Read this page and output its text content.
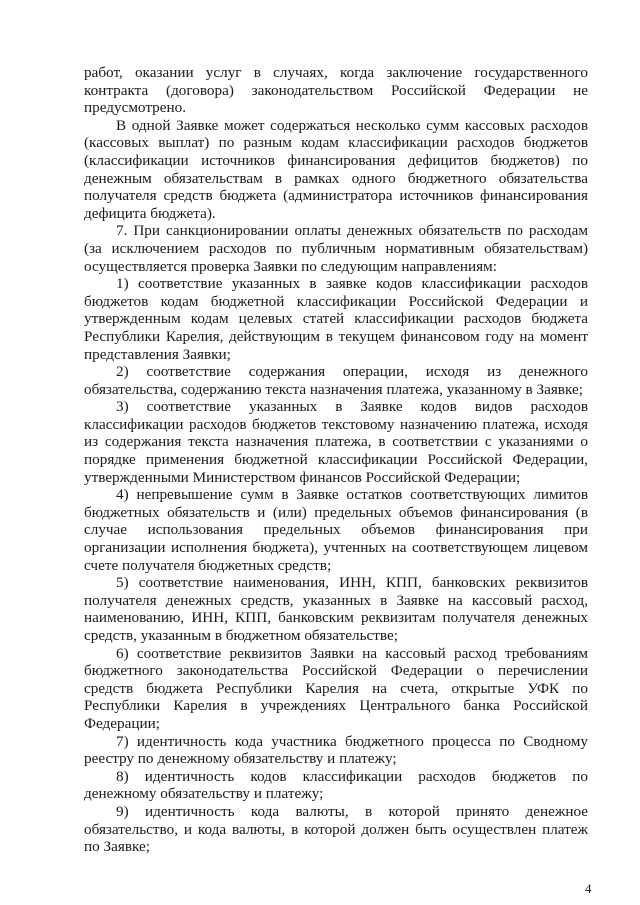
работ, оказании услуг в случаях, когда заключение государственного контракта (договора) законодательством Российской Федерации не предусмотрено.

В одной Заявке может содержаться несколько сумм кассовых расходов (кассовых выплат) по разным кодам классификации расходов бюджетов (классификации источников финансирования дефицитов бюджетов) по денежным обязательствам в рамках одного бюджетного обязательства получателя средств бюджета (администратора источников финансирования дефицита бюджета).

7. При санкционировании оплаты денежных обязательств по расходам (за исключением расходов по публичным нормативным обязательствам) осуществляется проверка Заявки по следующим направлениям:

1) соответствие указанных в заявке кодов классификации расходов бюджетов кодам бюджетной классификации Российской Федерации и утвержденным кодам целевых статей классификации расходов бюджета Республики Карелия, действующим в текущем финансовом году на момент представления Заявки;

2) соответствие содержания операции, исходя из денежного обязательства, содержанию текста назначения платежа, указанному в Заявке;

3) соответствие указанных в Заявке кодов видов расходов классификации расходов бюджетов текстовому назначению платежа, исходя из содержания текста назначения платежа, в соответствии с указаниями о порядке применения бюджетной классификации Российской Федерации, утвержденными Министерством финансов Российской Федерации;

4) непревышение сумм в Заявке остатков соответствующих лимитов бюджетных обязательств и (или) предельных объемов финансирования (в случае использования предельных объемов финансирования при организации исполнения бюджета), учтенных на соответствующем лицевом счете получателя бюджетных средств;

5) соответствие наименования, ИНН, КПП, банковских реквизитов получателя денежных средств, указанных в Заявке на кассовый расход, наименованию, ИНН, КПП, банковским реквизитам получателя денежных средств, указанным в бюджетном обязательстве;

6) соответствие реквизитов Заявки на кассовый расход требованиям бюджетного законодательства Российской Федерации о перечислении средств бюджета Республики Карелия на счета, открытые УФК по Республики Карелия в учреждениях Центрального банка Российской Федерации;

7) идентичность кода участника бюджетного процесса по Сводному реестру по денежному обязательству и платежу;

8) идентичность кодов классификации расходов бюджетов по денежному обязательству и платежу;

9) идентичность кода валюты, в которой принято денежное обязательство, и кода валюты, в которой должен быть осуществлен платеж по Заявке;

4
